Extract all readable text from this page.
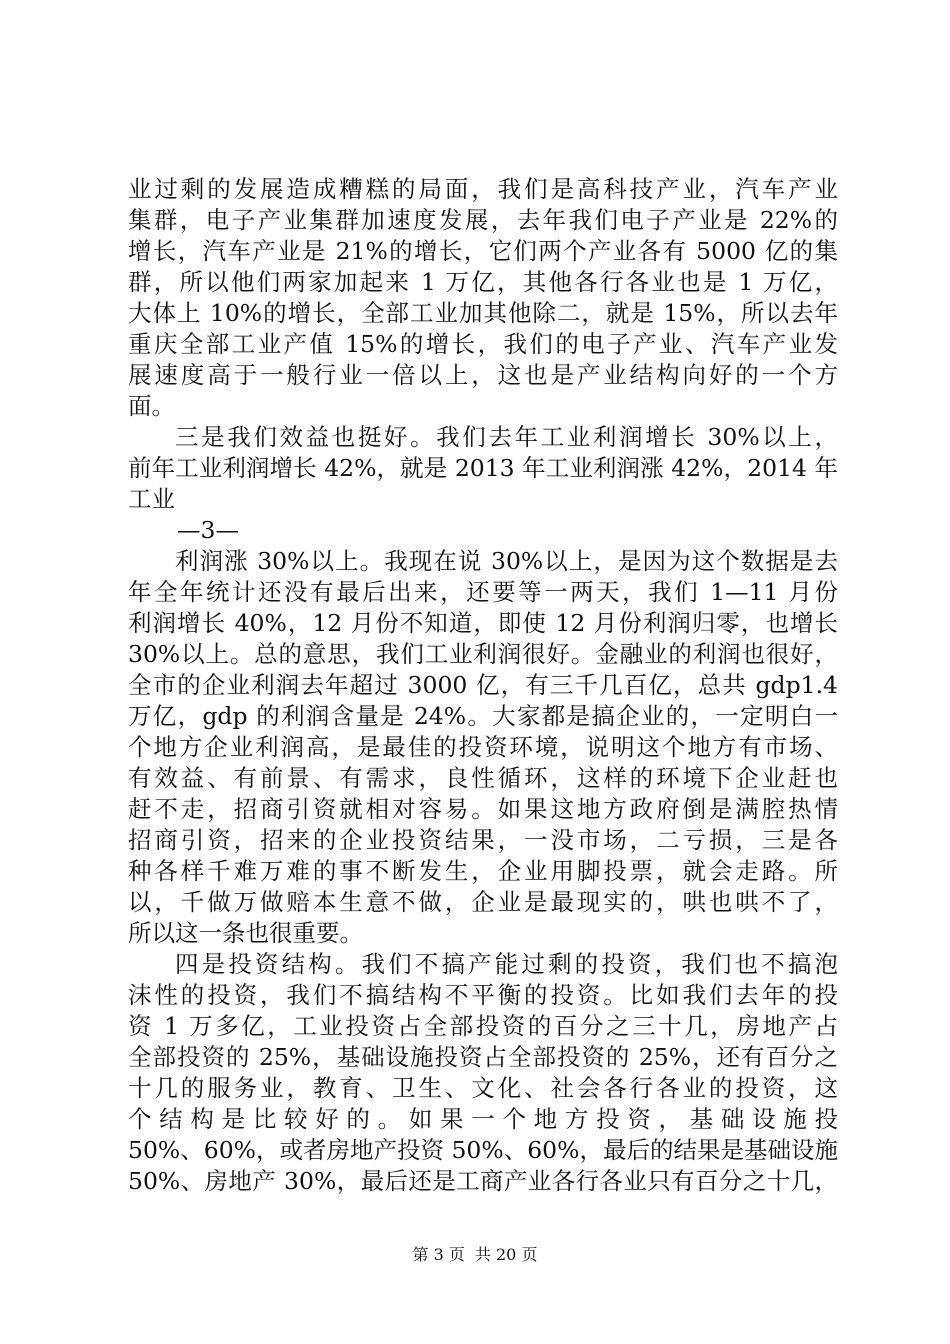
业过剩的发展造成糟糕的局面，我们是高科技产业，汽车产业
集群，电子产业集群加速度发展，去年我们电子产业是 22%的
增长，汽车产业是 21%的增长，它们两个产业各有 5000 亿的集
群，所以他们两家加起来 1 万亿，其他各行各业也是 1 万亿，
大体上 10%的增长，全部工业加其他除二，就是 15%，所以去年
重庆全部工业产值 15%的增长，我们的电子产业、汽车产业发
展速度高于一般行业一倍以上，这也是产业结构向好的一个方
面。
三是我们效益也挺好。我们去年工业利润增长 30%以上，
前年工业利润增长 42%，就是 2013 年工业利润涨 42%，2014 年
工业
—3—
利润涨 30%以上。我现在说 30%以上，是因为这个数据是去
年全年统计还没有最后出来，还要等一两天，我们 1—11 月份
利润增长 40%，12 月份不知道，即使 12 月份利润归零，也增长
30%以上。总的意思，我们工业利润很好。金融业的利润也很好，
全市的企业利润去年超过 3000 亿，有三千几百亿，总共 gdp1.4
万亿，gdp 的利润含量是 24%。大家都是搞企业的，一定明白一
个地方企业利润高，是最佳的投资环境，说明这个地方有市场、
有效益、有前景、有需求，良性循环，这样的环境下企业赶也
赶不走，招商引资就相对容易。如果这地方政府倒是满腔热情
招商引资，招来的企业投资结果，一没市场，二亏损，三是各
种各样千难万难的事不断发生，企业用脚投票，就会走路。所
以，千做万做赔本生意不做，企业是最现实的，哄也哄不了，
所以这一条也很重要。
四是投资结构。我们不搞产能过剩的投资，我们也不搞泡
沫性的投资，我们不搞结构不平衡的投资。比如我们去年的投
资 1 万多亿，工业投资占全部投资的百分之三十几，房地产占
全部投资的 25%，基础设施投资占全部投资的 25%，还有百分之
十几的服务业，教育、卫生、文化、社会各行各业的投资，这
个结构是比较好的。如果一个地方投资，基础设施投
50%、60%，或者房地产投资 50%、60%，最后的结果是基础设施
50%、房地产 30%，最后还是工商产业各行各业只有百分之十几，
第 3 页 共 20 页
